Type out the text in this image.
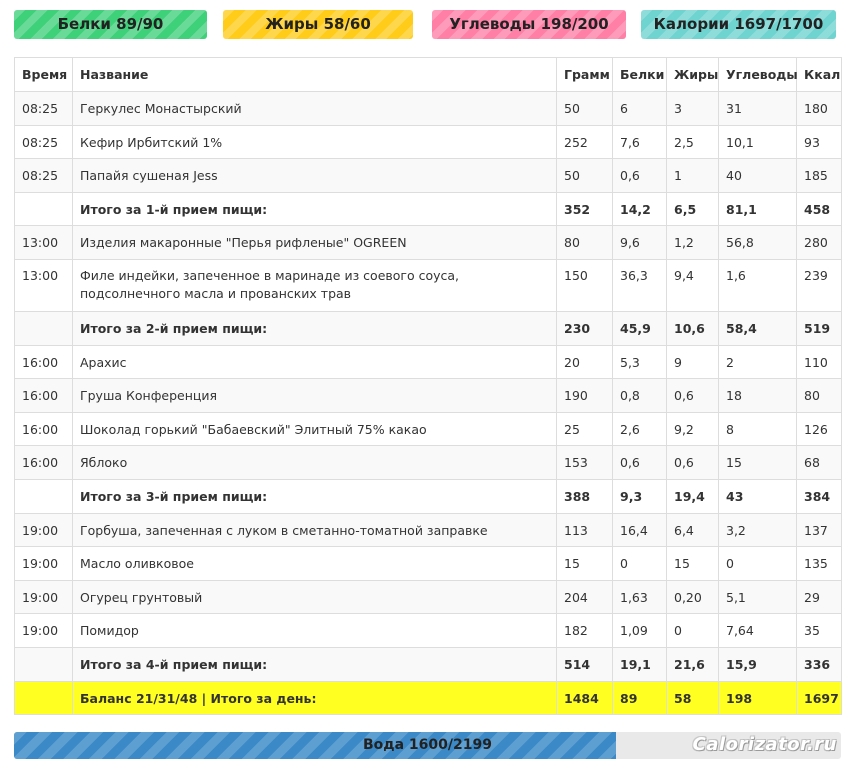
Белки 89/90	Жиры 58/60	Углеводы 198/200	Калории 1697/1700
Время	Название	Грамм	Белки	Жиры	Углеводы	Ккал
08:25	Геркулес Монастырский	50	6	3	31	180
08:25	Кефир Ирбитский 1%	252	7,6	2,5	10,1	93
08:25	Папайя сушеная Jess	50	0,6	1	40	185
	Итого за 1-й прием пищи:	352	14,2	6,5	81,1	458
13:00	Изделия макаронные "Перья рифленые" OGREEN	80	9,6	1,2	56,8	280
13:00	Филе индейки, запеченное в маринаде из соевого соуса, подсолнечного масла и прованских трав	150	36,3	9,4	1,6	239
	Итого за 2-й прием пищи:	230	45,9	10,6	58,4	519
16:00	Арахис	20	5,3	9	2	110
16:00	Груша Конференция	190	0,8	0,6	18	80
16:00	Шоколад горький "Бабаевский" Элитный 75% какао	25	2,6	9,2	8	126
16:00	Яблоко	153	0,6	0,6	15	68
	Итого за 3-й прием пищи:	388	9,3	19,4	43	384
19:00	Горбуша, запеченная с луком в сметанно-томатной заправке	113	16,4	6,4	3,2	137
19:00	Масло оливковое	15	0	15	0	135
19:00	Огурец грунтовый	204	1,63	0,20	5,1	29
19:00	Помидор	182	1,09	0	7,64	35
	Итого за 4-й прием пищи:	514	19,1	21,6	15,9	336
	Баланс 21/31/48 | Итого за день:	1484	89	58	198	1697
Вода 1600/2199	Calorizator.ru
